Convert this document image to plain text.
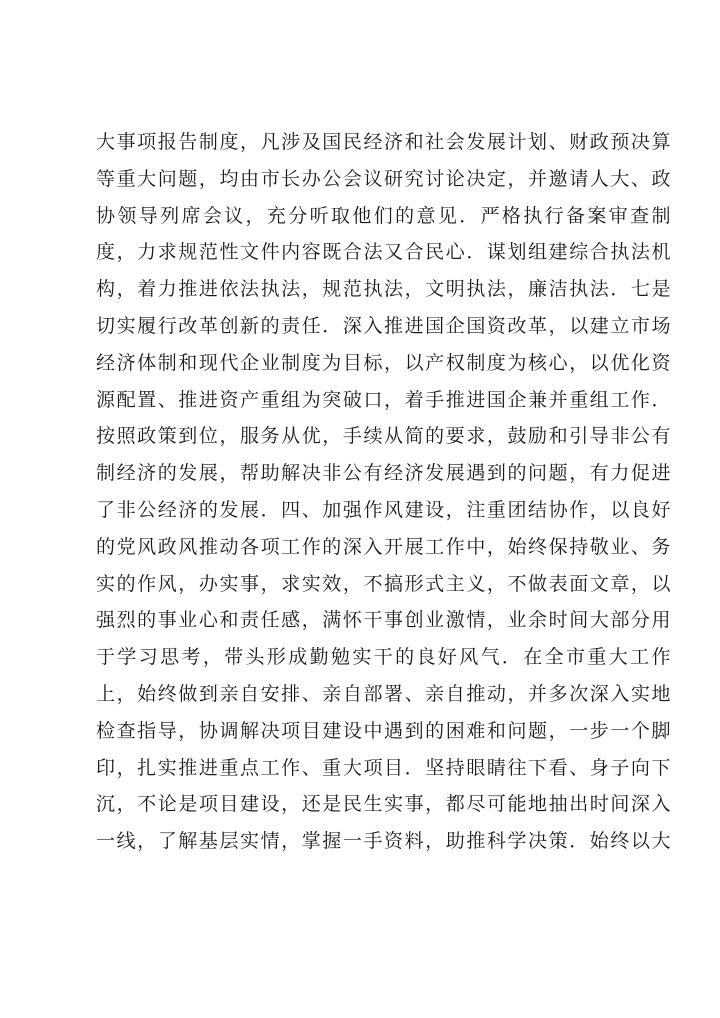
大事项报告制度，凡涉及国民经济和社会发展计划、财政预决算
等重大问题，均由市长办公会议研究讨论决定，并邀请人大、政
协领导列席会议，充分听取他们的意见．严格执行备案审查制
度，力求规范性文件内容既合法又合民心．谋划组建综合执法机
构，着力推进依法执法，规范执法，文明执法，廉洁执法．七是
切实履行改革创新的责任．深入推进国企国资改革，以建立市场
经济体制和现代企业制度为目标，以产权制度为核心，以优化资
源配置、推进资产重组为突破口，着手推进国企兼并重组工作．
按照政策到位，服务从优，手续从简的要求，鼓励和引导非公有
制经济的发展，帮助解决非公有经济发展遇到的问题，有力促进
了非公经济的发展．四、加强作风建设，注重团结协作，以良好
的党风政风推动各项工作的深入开展工作中，始终保持敬业、务
实的作风，办实事，求实效，不搞形式主义，不做表面文章，以
强烈的事业心和责任感，满怀干事创业激情，业余时间大部分用
于学习思考，带头形成勤勉实干的良好风气．在全市重大工作
上，始终做到亲自安排、亲自部署、亲自推动，并多次深入实地
检查指导，协调解决项目建设中遇到的困难和问题，一步一个脚
印，扎实推进重点工作、重大项目．坚持眼睛往下看、身子向下
沉，不论是项目建设，还是民生实事，都尽可能地抽出时间深入
一线，了解基层实情，掌握一手资料，助推科学决策．始终以大
